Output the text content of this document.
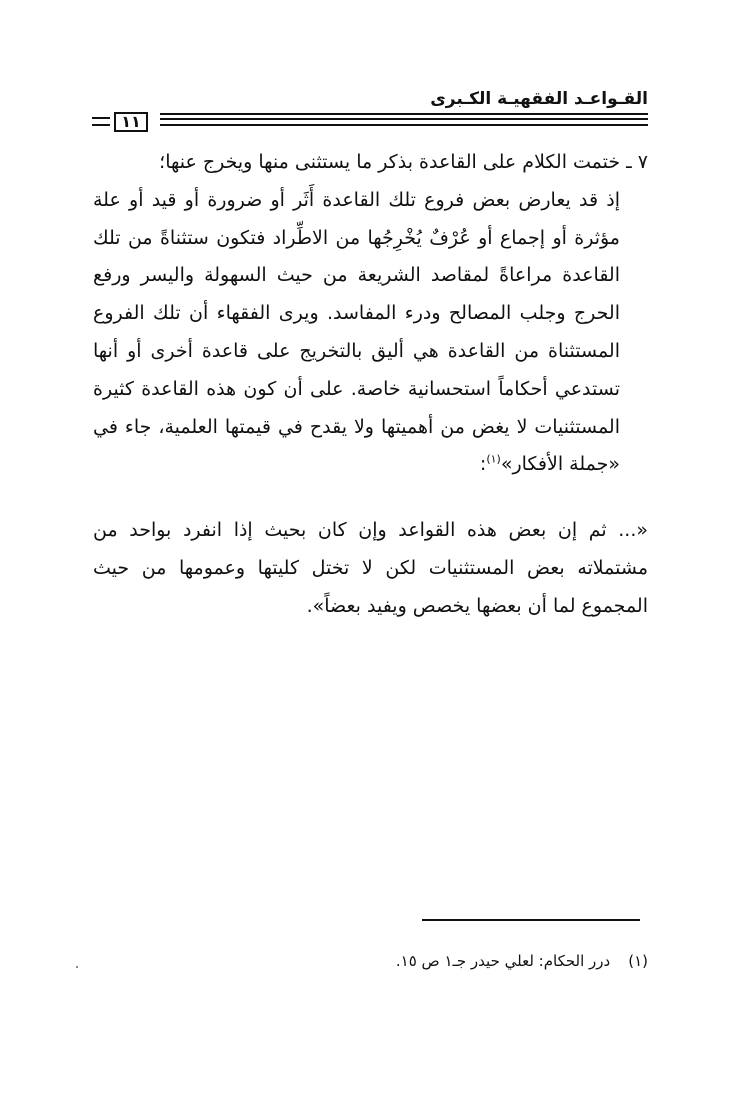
القـواعـد الفقهيـة الكـبرى
١١

٧ ـ ختمت الكلام على القاعدة بذكر ما يستثنى منها ويخرج عنها؛

إذ قد يعارض بعض فروع تلك القاعدة أَثَر أو ضرورة أو قيد أو علة مؤثرة أو إجماع أو عُرْفٌ يُخْرِجُها من الاطِّراد فتكون ستثناةً من تلك القاعدة مراعاةً لمقاصد الشريعة من حيث السهولة واليسر ورفع الحرج وجلب المصالح ودرء المفاسد. ويرى الفقهاء أن تلك الفروع المستثناة من القاعدة هي أليق بالتخريج على قاعدة أخرى أو أنها تستدعي أحكاماً استحسانية خاصة. على أن كون هذه القاعدة كثيرة المستثنيات لا يغض من أهميتها ولا يقدح في قيمتها العلمية، جاء في «جملة الأفكار»$^{(١)}$:

«... ثم إن بعض هذه القواعد وإن كان بحيث إذا انفرد بواحد من مشتملاته بعض المستثنيات لكن لا تختل كليتها وعمومها من حيث المجموع لما أن بعضها يخصص ويفيد بعضاً».

(١)درر الحكام: لعلي حيدر جـ١ ص ١٥.
